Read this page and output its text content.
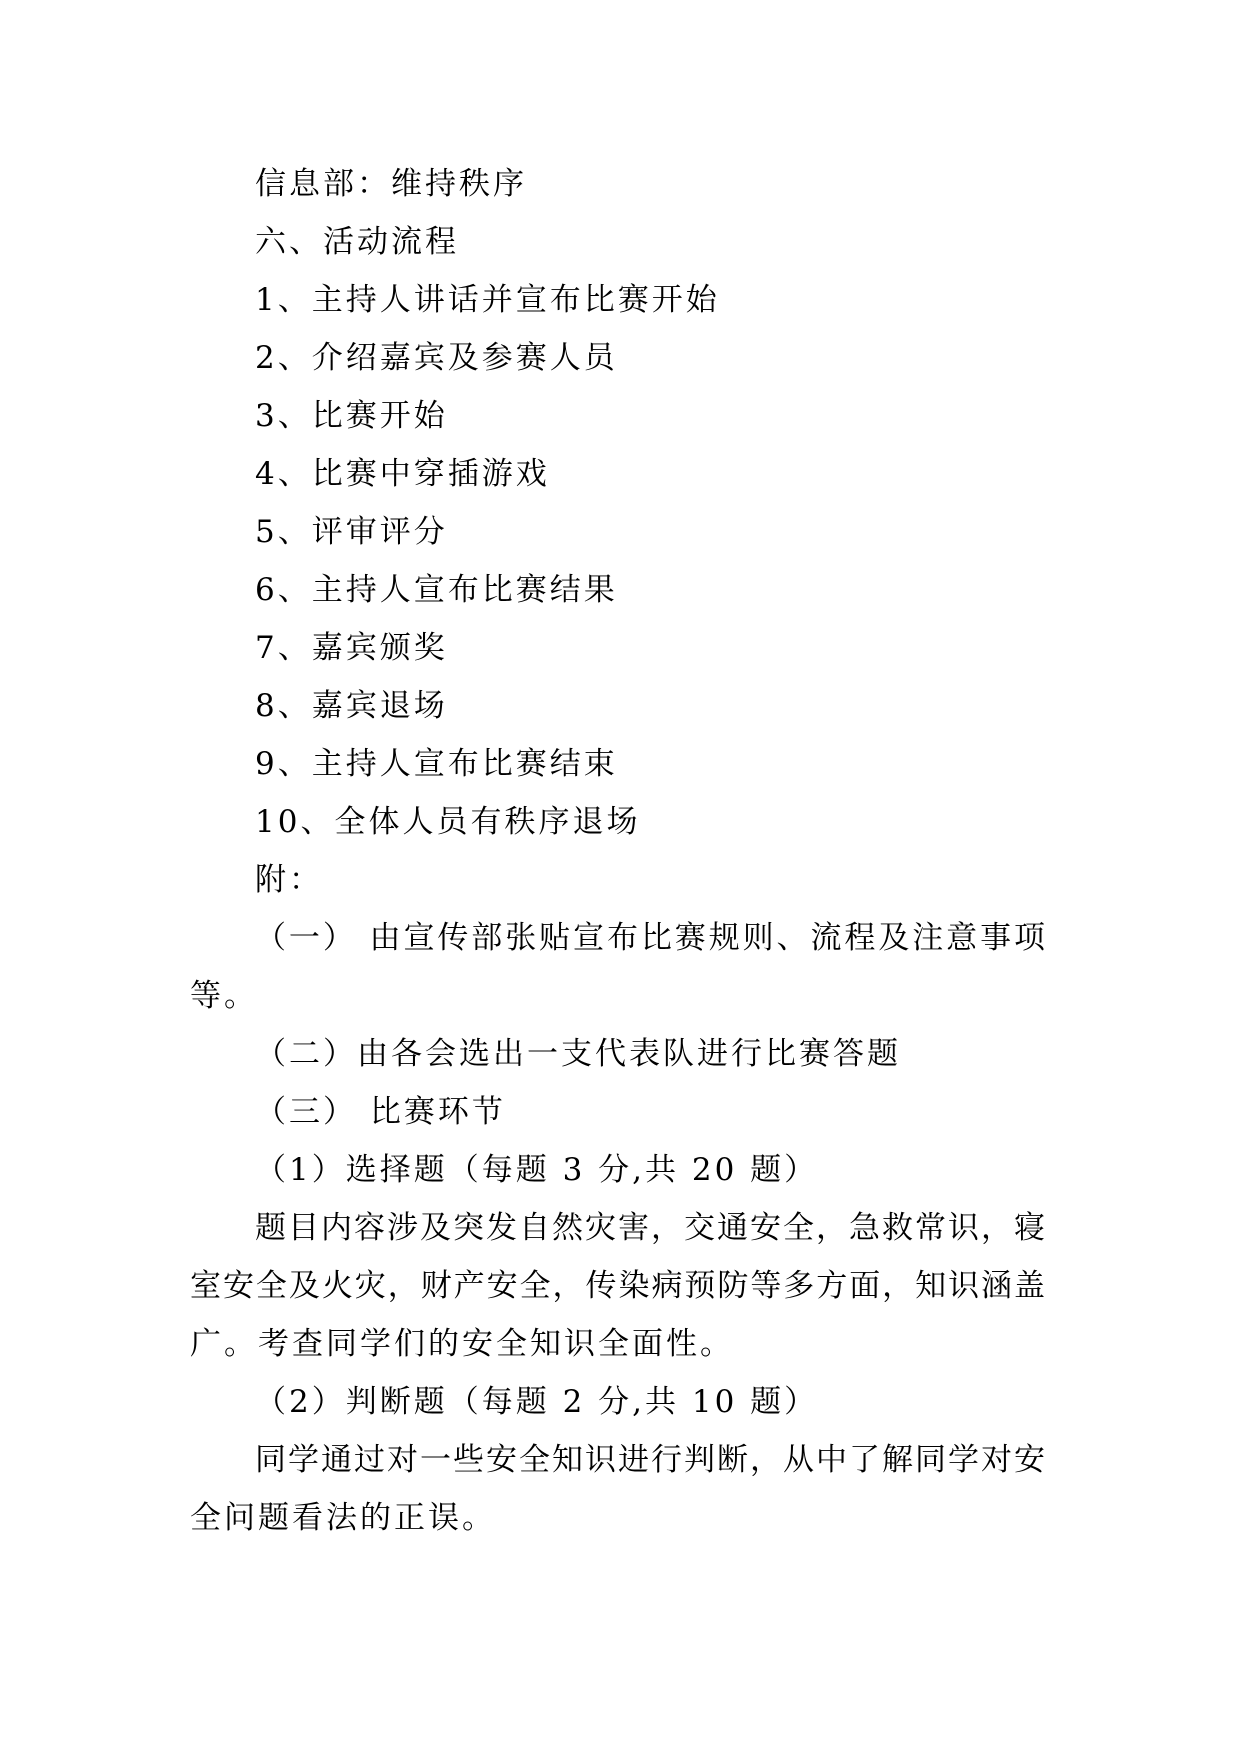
信息部：维持秩序
六、活动流程
1、主持人讲话并宣布比赛开始
2、介绍嘉宾及参赛人员
3、比赛开始
4、比赛中穿插游戏
5、评审评分
6、主持人宣布比赛结果
7、嘉宾颁奖
8、嘉宾退场
9、主持人宣布比赛结束
10、全体人员有秩序退场
附：
（一） 由宣传部张贴宣布比赛规则、流程及注意事项
等。
（二）由各会选出一支代表队进行比赛答题
（三） 比赛环节
（1）选择题（每题 3 分,共 20 题）
题目内容涉及突发自然灾害，交通安全，急救常识，寝
室安全及火灾，财产安全，传染病预防等多方面，知识涵盖
广。考查同学们的安全知识全面性。
（2）判断题（每题 2 分,共 10 题）
同学通过对一些安全知识进行判断，从中了解同学对安
全问题看法的正误。
